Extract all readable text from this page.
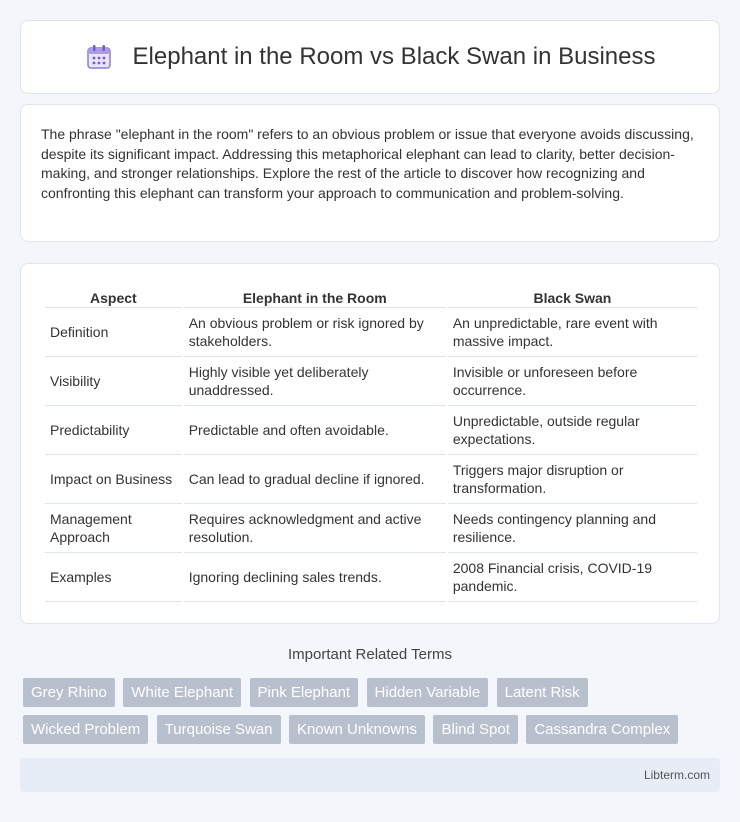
Elephant in the Room vs Black Swan in Business

The phrase "elephant in the room" refers to an obvious problem or issue that everyone avoids discussing, despite its significant impact. Addressing this metaphorical elephant can lead to clarity, better decision-making, and stronger relationships. Explore the rest of the article to discover how recognizing and confronting this elephant can transform your approach to communication and problem-solving.

Aspect	Elephant in the Room	Black Swan
Definition	An obvious problem or risk ignored by stakeholders.	An unpredictable, rare event with massive impact.
Visibility	Highly visible yet deliberately unaddressed.	Invisible or unforeseen before occurrence.
Predictability	Predictable and often avoidable.	Unpredictable, outside regular expectations.
Impact on Business	Can lead to gradual decline if ignored.	Triggers major disruption or transformation.
Management Approach	Requires acknowledgment and active resolution.	Needs contingency planning and resilience.
Examples	Ignoring declining sales trends.	2008 Financial crisis, COVID-19 pandemic.
Important Related Terms
Grey Rhino White Elephant Pink Elephant Hidden Variable Latent Risk Wicked Problem Turquoise Swan Known Unknowns Blind Spot Cassandra Complex
Libterm.com
